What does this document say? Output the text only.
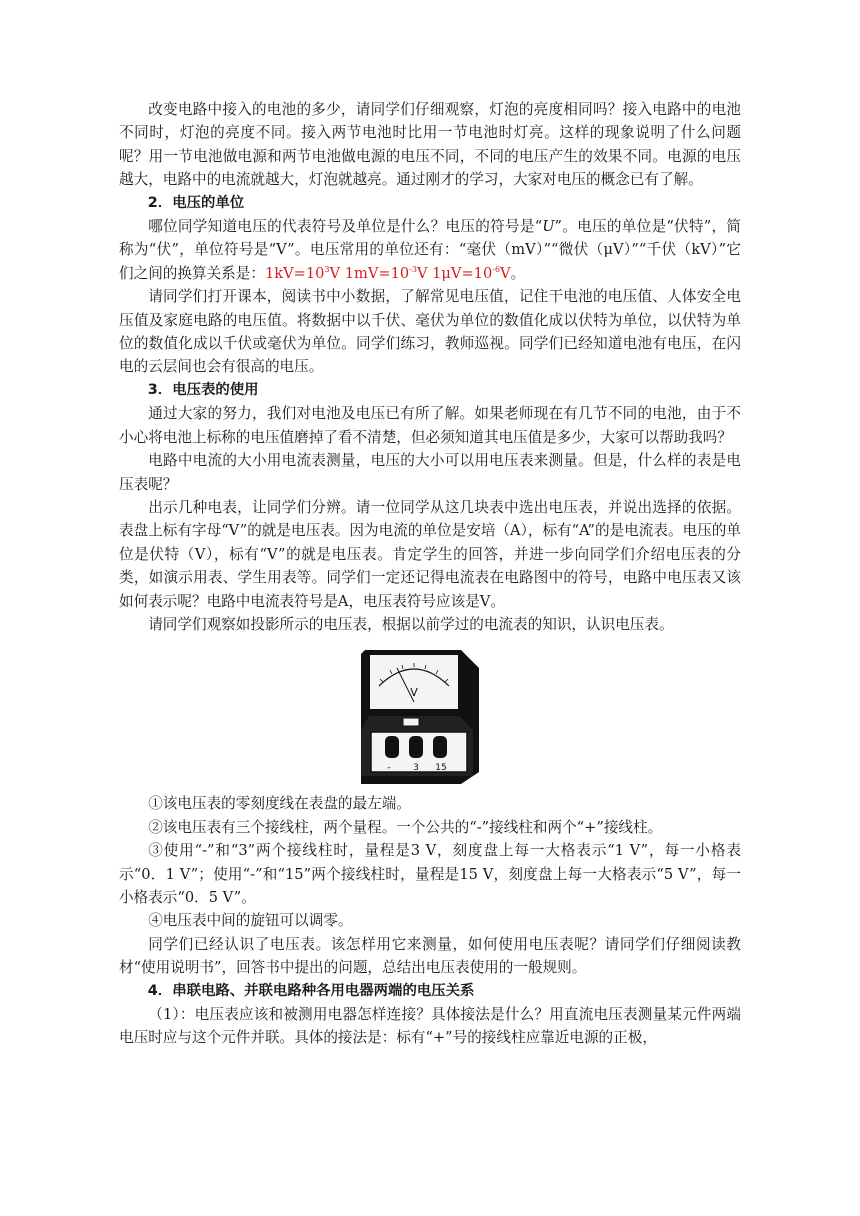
改变电路中接入的电池的多少，请同学们仔细观察，灯泡的亮度相同吗？接入电路中的电池不同时，灯泡的亮度不同。接入两节电池时比用一节电池时灯亮。这样的现象说明了什么问题呢？用一节电池做电源和两节电池做电源的电压不同，不同的电压产生的效果不同。电源的电压越大，电路中的电流就越大，灯泡就越亮。通过刚才的学习，大家对电压的概念已有了解。

2．电压的单位

哪位同学知道电压的代表符号及单位是什么？电压的符号是“U”。电压的单位是“伏特”，简称为“伏”，单位符号是“V”。电压常用的单位还有：“毫伏（mV）”“微伏（μV）”“千伏（kV）”它们之间的换算关系是：$1kV=10^3V$ $1mV=10^{-3}V$ $1\mu V=10^{-6}V$。

请同学们打开课本，阅读书中小数据，了解常见电压值，记住干电池的电压值、人体安全电压值及家庭电路的电压值。将数据中以千伏、毫伏为单位的数值化成以伏特为单位，以伏特为单位的数值化成以千伏或毫伏为单位。同学们练习，教师巡视。同学们已经知道电池有电压，在闪电的云层间也会有很高的电压。

3．电压表的使用

通过大家的努力，我们对电池及电压已有所了解。如果老师现在有几节不同的电池，由于不小心将电池上标称的电压值磨掉了看不清楚，但必须知道其电压值是多少，大家可以帮助我吗？

电路中电流的大小用电流表测量，电压的大小可以用电压表来测量。但是，什么样的表是电压表呢？

出示几种电表，让同学们分辨。请一位同学从这几块表中选出电压表，并说出选择的依据。表盘上标有字母“V”的就是电压表。因为电流的单位是安培（A），标有“A”的是电流表。电压的单位是伏特（V），标有“V”的就是电压表。肯定学生的回答，并进一步向同学们介绍电压表的分类，如演示用表、学生用表等。同学们一定还记得电流表在电路图中的符号，电路中电压表又该如何表示呢？电路中电流表符号是A，电压表符号应该是V。

请同学们观察如投影所示的电压表，根据以前学过的电流表的知识，认识电压表。

V
-	3 15

①该电压表的零刻度线在表盘的最左端。

②该电压表有三个接线柱，两个量程。一个公共的“-”接线柱和两个“+”接线柱。

③使用“-”和“3”两个接线柱时，量程是3 V，刻度盘上每一大格表示“1 V”，每一小格表示“0．1 V”；使用“-”和“15”两个接线柱时，量程是15 V，刻度盘上每一大格表示“5 V”，每一小格表示“0．5 V”。

④电压表中间的旋钮可以调零。

同学们已经认识了电压表。该怎样用它来测量，如何使用电压表呢？请同学们仔细阅读教材“使用说明书”，回答书中提出的问题，总结出电压表使用的一般规则。

4．串联电路、并联电路种各用电器两端的电压关系

（1）：电压表应该和被测用电器怎样连接？具体接法是什么？用直流电压表测量某元件两端电压时应与这个元件并联。具体的接法是：标有“+”号的接线柱应靠近电源的正极，
